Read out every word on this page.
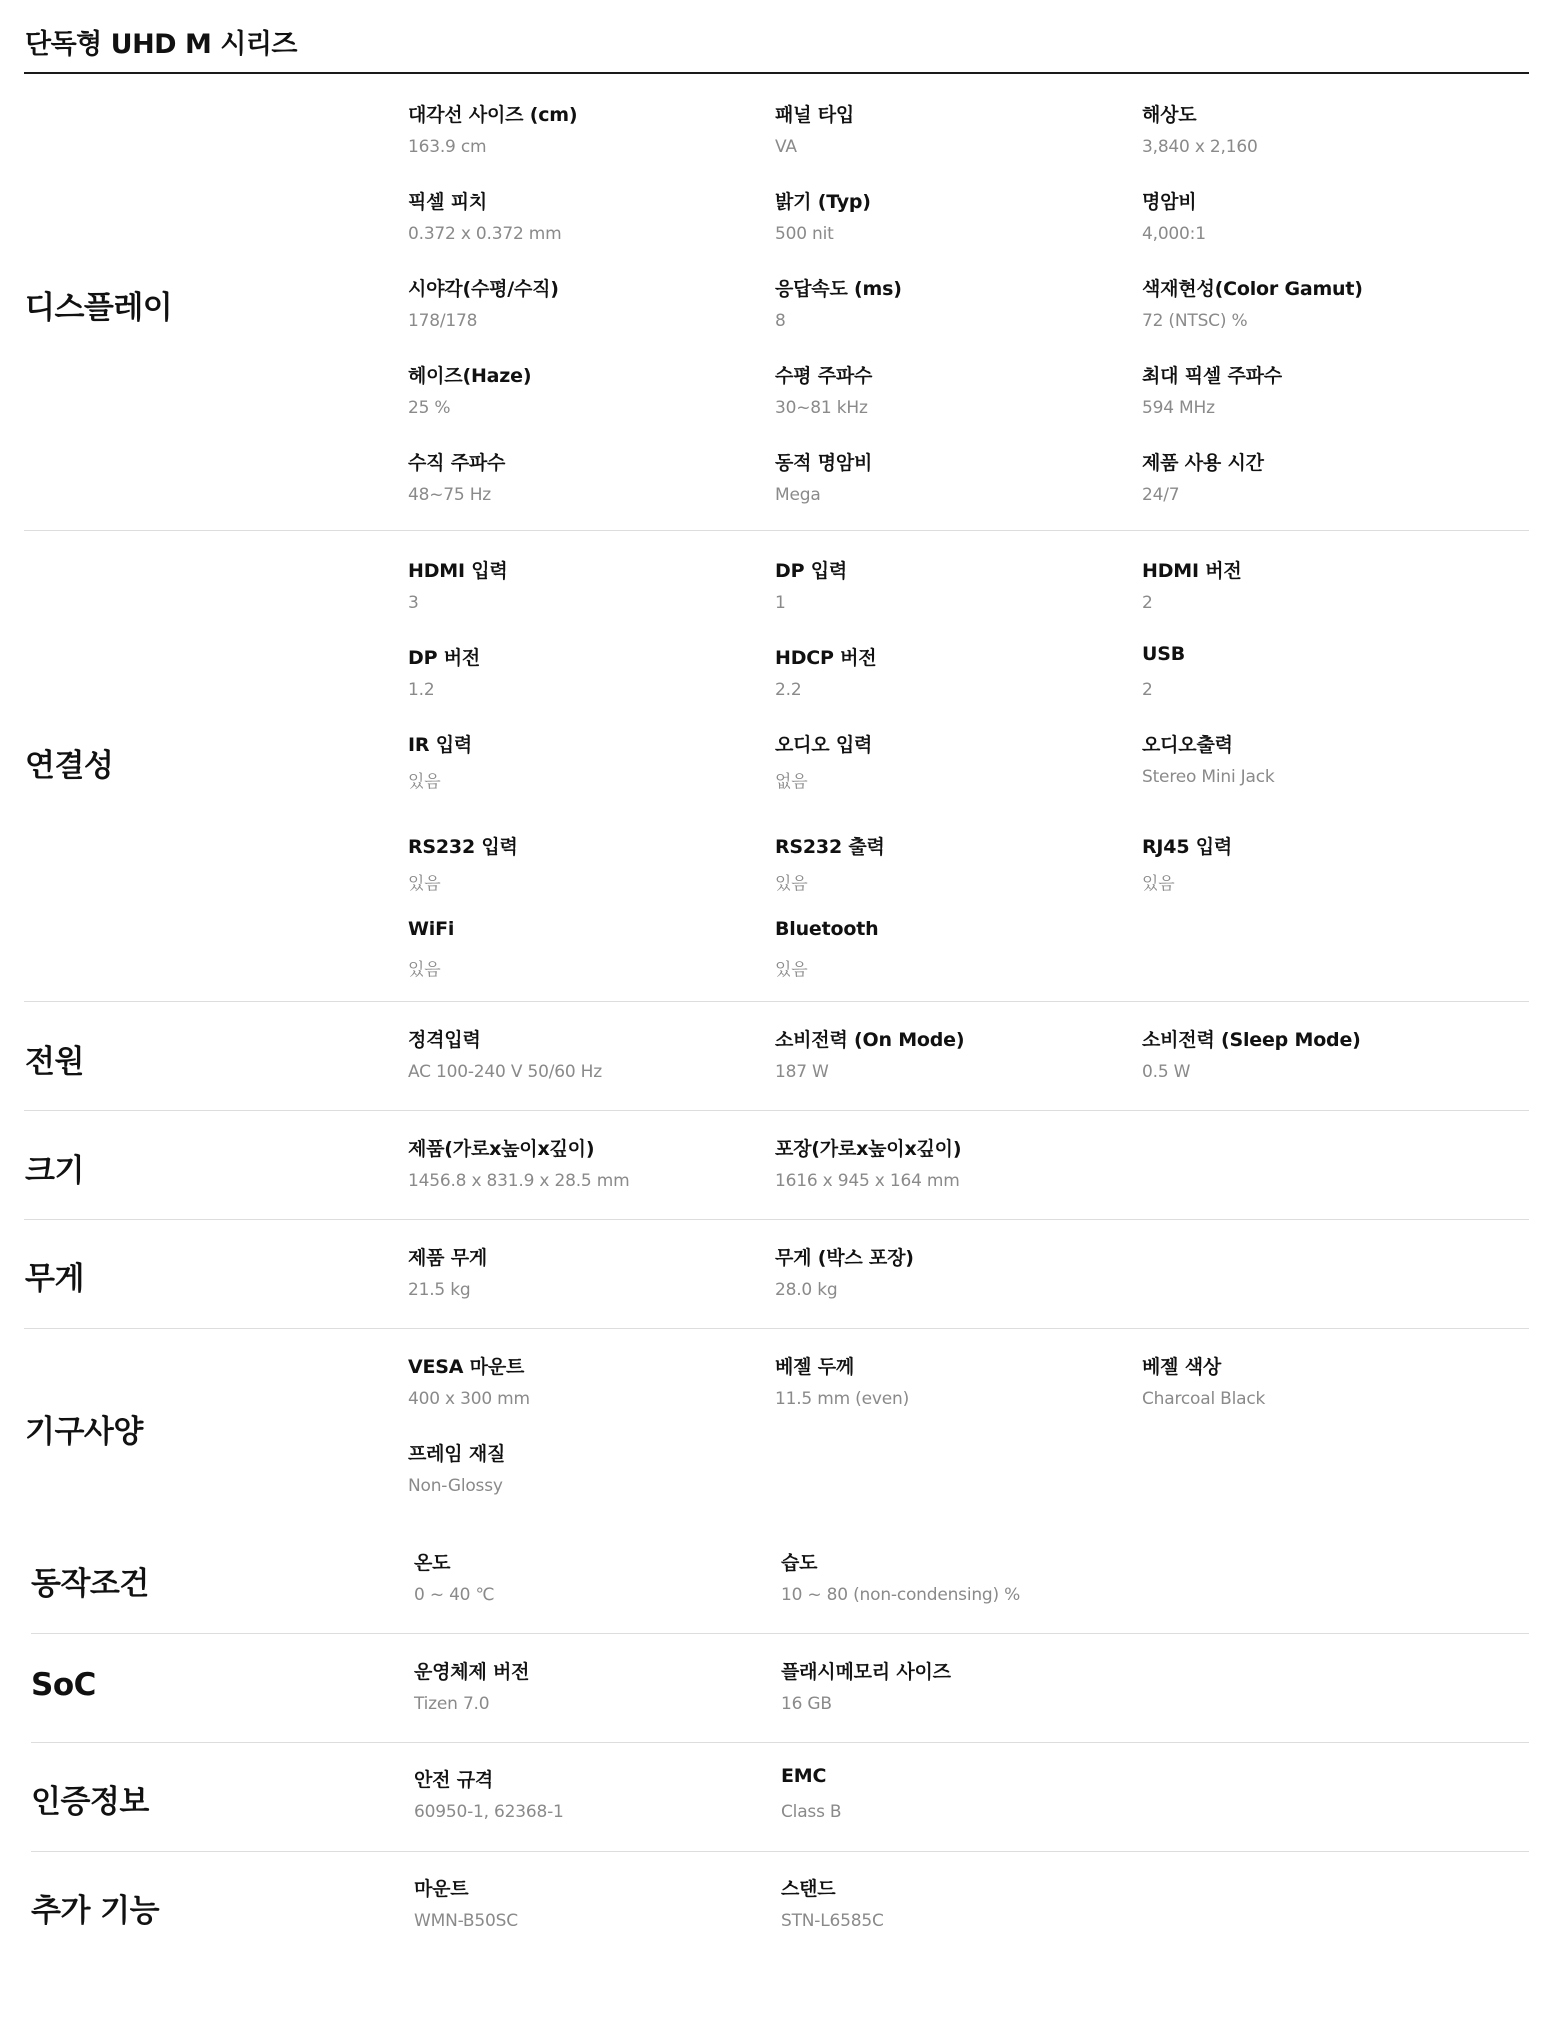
단독형 UHD M 시리즈
디스플레이

대각선 사이즈 (cm)

163.9 cm

패널 타입

VA

해상도

3,840 x 2,160

픽셀 피치

0.372 x 0.372 mm

밝기 (Typ)

500 nit

명암비

4,000:1

시야각(수평/수직)

178/178

응답속도 (ms)

8

색재현성(Color Gamut)

72 (NTSC) %

헤이즈(Haze)

25 %

수평 주파수

30~81 kHz

최대 픽셀 주파수

594 MHz

수직 주파수

48~75 Hz

동적 명암비

Mega

제품 사용 시간

24/7

연결성

HDMI 입력

3

DP 입력

1

HDMI 버전

2

DP 버전

1.2

HDCP 버전

2.2

USB

2

IR 입력

있음

오디오 입력

없음

오디오출력

Stereo Mini Jack

RS232 입력

있음

RS232 출력

있음

RJ45 입력

있음

WiFi

있음

Bluetooth

있음

전원

정격입력

AC 100-240 V 50/60 Hz

소비전력 (On Mode)

187 W

소비전력 (Sleep Mode)

0.5 W

크기

제품(가로x높이x깊이)

1456.8 x 831.9 x 28.5 mm

포장(가로x높이x깊이)

1616 x 945 x 164 mm

무게

제품 무게

21.5 kg

무게 (박스 포장)

28.0 kg

기구사양

VESA 마운트

400 x 300 mm

베젤 두께

11.5 mm (even)

베젤 색상

Charcoal Black

프레임 재질

Non-Glossy

동작조건

온도

0 ~ 40 ℃

습도

10 ~ 80 (non-condensing) %

SoC	운영체제 버전

Tizen 7.0

플래시메모리 사이즈

16 GB

인증정보

안전 규격

60950-1, 62368-1

EMC

Class B

추가 기능

마운트

WMN-B50SC

스탠드

STN-L6585C
